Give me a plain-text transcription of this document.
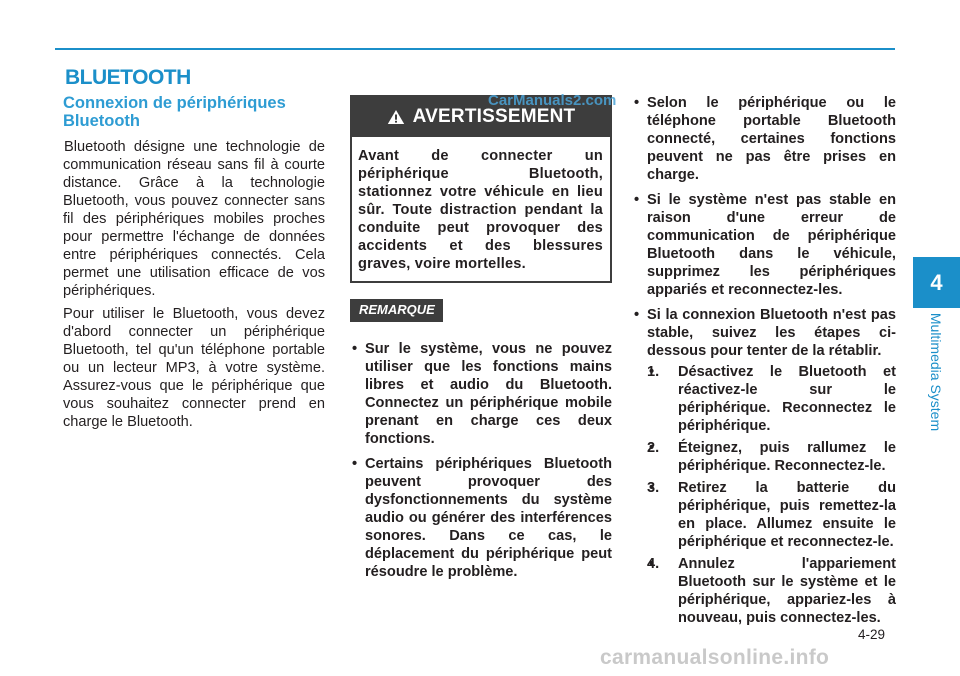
BLUETOOTH
Connexion de périphériques Bluetooth

Bluetooth désigne une technologie de communication réseau sans fil à courte distance. Grâce à la technologie Bluetooth, vous pouvez connecter sans fil des périphériques mobiles proches pour permettre l'échange de données entre périphériques connectés. Cela permet une utilisation efficace de vos périphériques.

Pour utiliser le Bluetooth, vous devez d'abord connecter un périphérique Bluetooth, tel qu'un téléphone portable ou un lecteur MP3, à votre système. Assurez-vous que le périphérique que vous souhaitez connecter prend en charge le Bluetooth.

AVERTISSEMENT
Avant de connecter un périphérique Bluetooth, stationnez votre véhicule en lieu sûr. Toute distraction pendant la conduite peut provoquer des accidents et des blessures graves, voire mortelles.
REMARQUE
• Sur le système, vous ne pouvez utiliser que les fonctions mains libres et audio du Bluetooth. Connectez un périphérique mobile prenant en charge ces deux fonctions.
• Certains périphériques Bluetooth peuvent provoquer des dysfonctionnements du système audio ou générer des interférences sonores. Dans ce cas, le déplacement du périphérique peut résoudre le problème.
• Selon le périphérique ou le téléphone portable Bluetooth connecté, certaines fonctions peuvent ne pas être prises en charge.
• Si le système n'est pas stable en raison d'une erreur de communication de périphérique Bluetooth dans le véhicule, supprimez les périphériques appariés et reconnectez-les.
• Si la connexion Bluetooth n'est pas stable, suivez les étapes ci-dessous pour tenter de la rétablir.
• 1. Désactivez le Bluetooth et réactivez-le sur le périphérique. Reconnectez le périphérique.
• 2. Éteignez, puis rallumez le périphérique. Reconnectez-le.
• 3. Retirez la batterie du périphérique, puis remettez-la en place. Allumez ensuite le périphérique et reconnectez-le.
• 4. Annulez l'appariement Bluetooth sur le système et le périphérique, appariez-les à nouveau, puis connectez-les.
4
Multimedia System
4-29
CarManuals2.com
carmanualsonline.info
